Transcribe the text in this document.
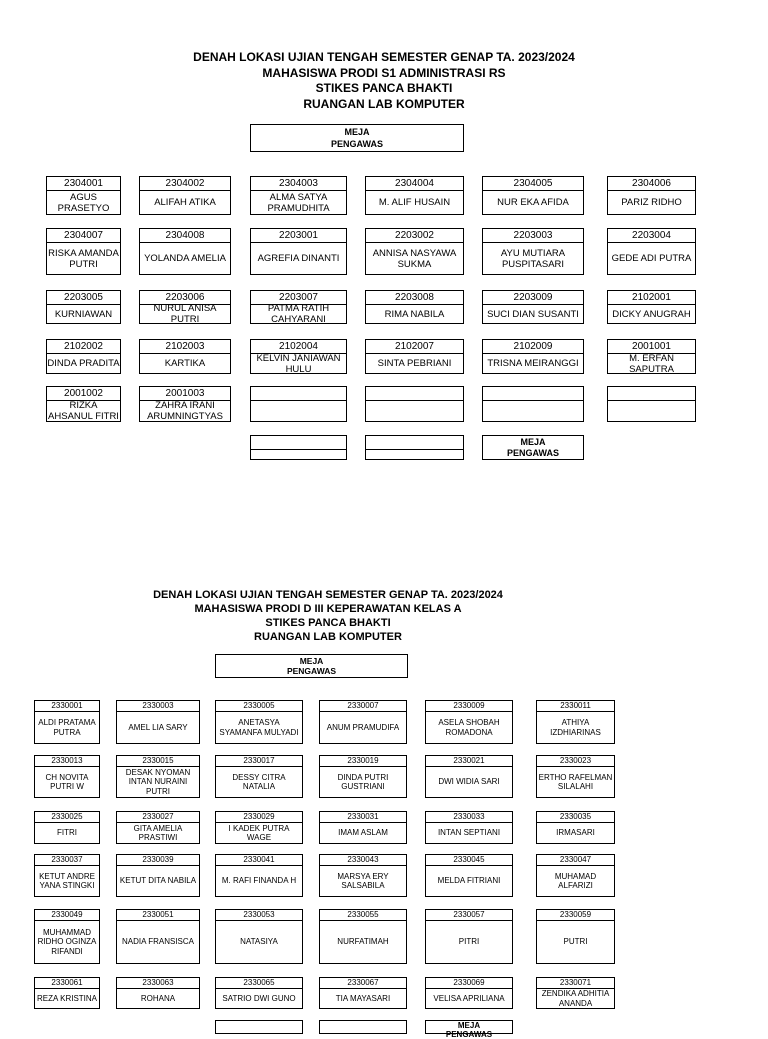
DENAH LOKASI UJIAN TENGAH SEMESTER GENAP TA. 2023/2024
MAHASISWA PRODI S1 ADMINISTRASI RS
STIKES PANCA BHAKTI
RUANGAN LAB KOMPUTER
MEJA
PENGAWAS
2304001
AGUS PRASETYO
2304002
ALIFAH ATIKA
2304003
ALMA SATYA PRAMUDHITA
2304004
M. ALIF HUSAIN
2304005
NUR EKA AFIDA
2304006
PARIZ RIDHO
2304007
RISKA AMANDA PUTRI
2304008
YOLANDA AMELIA
2203001
AGREFIA DINANTI
2203002
ANNISA NASYAWA SUKMA
2203003
AYU MUTIARA PUSPITASARI
2203004
GEDE ADI PUTRA
2203005
KURNIAWAN
2203006
NURUL ANISA PUTRI
2203007
PATMA RATIH CAHYARANI
2203008
RIMA NABILA
2203009
SUCI DIAN SUSANTI
2102001
DICKY ANUGRAH
2102002
DINDA PRADITA
2102003
KARTIKA
2102004
KELVIN JANIAWAN HULU
2102007
SINTA PEBRIANI
2102009
TRISNA MEIRANGGI
2001001
M. ERFAN SAPUTRA
2001002
RIZKA AHSANUL FITRI
2001003
ZAHRA IRANI ARUMNINGTYAS
MEJA
PENGAWAS
DENAH LOKASI UJIAN TENGAH SEMESTER GENAP TA. 2023/2024
MAHASISWA PRODI D III KEPERAWATAN KELAS A
STIKES PANCA BHAKTI
RUANGAN LAB KOMPUTER
MEJA
PENGAWAS
2330001
ALDI PRATAMA PUTRA
2330003
AMEL LIA SARY
2330005
ANETASYA SYAMANFA MULYADI
2330007
ANUM PRAMUDIFA
2330009
ASELA SHOBAH ROMADONA
2330011
ATHIYA IZDHIARINAS
2330013
CH NOVITA PUTRI W
2330015
DESAK NYOMAN INTAN NURAINI PUTRI
2330017
DESSY CITRA NATALIA
2330019
DINDA PUTRI GUSTRIANI
2330021
DWI WIDIA SARI
2330023
ERTHO RAFELMAN SILALAHI
2330025
FITRI
2330027
GITA AMELIA PRASTIWI
2330029
I KADEK PUTRA WAGE
2330031
IMAM ASLAM
2330033
INTAN SEPTIANI
2330035
IRMASARI
2330037
KETUT ANDRE YANA STINGKI
2330039
KETUT DITA NABILA
2330041
M. RAFI FINANDA H
2330043
MARSYA ERY SALSABILA
2330045
MELDA FITRIANI
2330047
MUHAMAD ALFARIZI
2330049
MUHAMMAD RIDHO OGINZA RIFANDI
2330051
NADIA FRANSISCA
2330053
NATASIYA
2330055
NURFATIMAH
2330057
PITRI
2330059
PUTRI
2330061
REZA KRISTINA
2330063
ROHANA
2330065
SATRIO DWI GUNO
2330067
TIA MAYASARI
2330069
VELISA APRILIANA
2330071
ZENDIKA ADHITIA ANANDA
MEJA
PENGAWAS
